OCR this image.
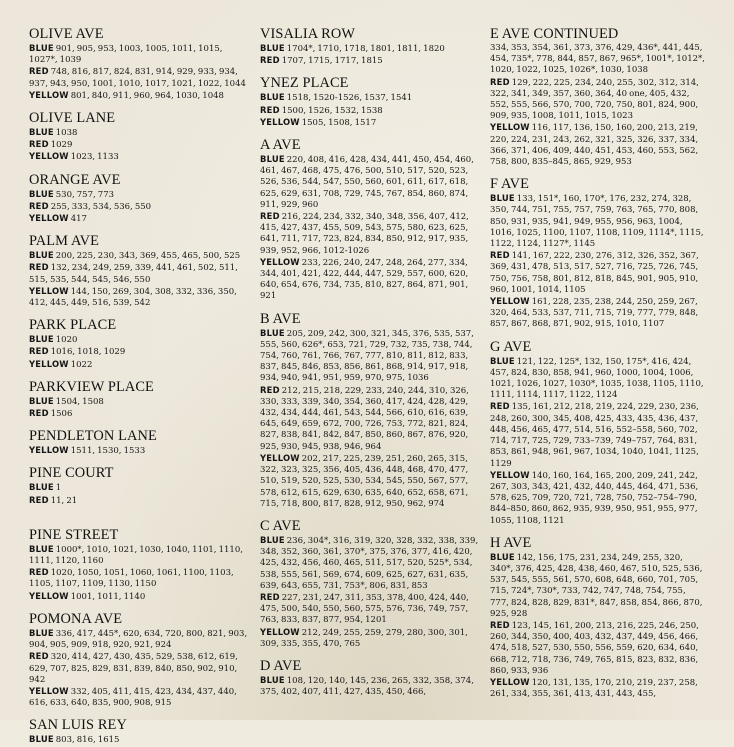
OLIVE AVE
BLUE 901, 905, 953, 1003, 1005, 1011, 1015, 1027*, 1039
RED 748, 816, 817, 824, 831, 914, 929, 933, 934, 937, 943, 950, 1001, 1010, 1017, 1021, 1022, 1044
YELLOW 801, 840, 911, 960, 964, 1030, 1048
OLIVE LANE
BLUE 1038
RED 1029
YELLOW 1023, 1133
ORANGE AVE
BLUE 530, 757, 773
RED 255, 333, 534, 536, 550
YELLOW 417
PALM AVE
BLUE 200, 225, 230, 343, 369, 455, 465, 500, 525
RED 132, 234, 249, 259, 339, 441, 461, 502, 511, 515, 535, 544, 545, 546, 550
YELLOW 144, 150, 269, 304, 308, 332, 336, 350, 412, 445, 449, 516, 539, 542
PARK PLACE
BLUE 1020
RED 1016, 1018, 1029
YELLOW 1022
PARKVIEW PLACE
BLUE 1504, 1508
RED 1506
PENDLETON LANE
YELLOW 1511, 1530, 1533
PINE COURT
BLUE 1
RED 11, 21
PINE STREET
BLUE 1000*, 1010, 1021, 1030, 1040, 1101, 1110, 1111, 1120, 1160
RED 1020, 1050, 1051, 1060, 1061, 1100, 1103, 1105, 1107, 1109, 1130, 1150
YELLOW 1001, 1011, 1140
POMONA AVE
BLUE 336, 417, 445*, 620, 634, 720, 800, 821, 903, 904, 905, 909, 918, 920, 921, 924
RED 320, 414, 427, 430, 435, 529, 538, 612, 619, 629, 707, 825, 829, 831, 839, 840, 850, 902, 910, 942
YELLOW 332, 405, 411, 415, 423, 434, 437, 440, 616, 633, 640, 835, 900, 908, 915
SAN LUIS REY
BLUE 803, 816, 1615
VISALIA ROW
BLUE 1704*, 1710, 1718, 1801, 1811, 1820
RED 1707, 1715, 1717, 1815
YNEZ PLACE
BLUE 1518, 1520-1526, 1537, 1541
RED 1500, 1526, 1532, 1538
YELLOW 1505, 1508, 1517
A AVE
BLUE 220, 408, 416, 428, 434, 441, 450, 454, 460, 461, 467, 468, 475, 476, 500, 510, 517, 520, 523, 526, 536, 544, 547, 550, 560, 601, 611, 617, 618, 625, 629, 631, 708, 729, 745, 767, 854, 860, 874, 911, 929, 960
RED 216, 224, 234, 332, 340, 348, 356, 407, 412, 415, 427, 437, 455, 509, 543, 575, 580, 623, 625, 641, 711, 717, 723, 824, 834, 850, 912, 917, 935, 939, 952, 966, 1012-1026
YELLOW 233, 226, 240, 247, 248, 264, 277, 334, 344, 401, 421, 422, 444, 447, 529, 557, 600, 620, 640, 654, 676, 734, 735, 810, 827, 864, 871, 901, 921
B AVE
BLUE 205, 209, 242, 300, 321, 345, 376, 535, 537, 555, 560, 626*, 653, 721, 729, 732, 735, 738, 744, 754, 760, 761, 766, 767, 777, 810, 811, 812, 833, 837, 845, 846, 853, 856, 861, 868, 914, 917, 918, 934, 940, 941, 951, 959, 970, 975, 1036
RED 212, 215, 218, 229, 233, 240, 244, 310, 326, 330, 333, 339, 340, 354, 360, 417, 424, 428, 429, 432, 434, 444, 461, 543, 544, 566, 610, 616, 639, 645, 649, 659, 672, 700, 726, 753, 772, 821, 824, 827, 838, 841, 842, 847, 850, 860, 867, 876, 920, 925, 930, 945, 938, 946, 964
YELLOW 202, 217, 225, 239, 251, 260, 265, 315, 322, 323, 325, 356, 405, 436, 448, 468, 470, 477, 510, 519, 520, 525, 530, 534, 545, 550, 567, 577, 578, 612, 615, 629, 630, 635, 640, 652, 658, 671, 715, 718, 800, 817, 828, 912, 950, 962, 974
C AVE
BLUE 236, 304*, 316, 319, 320, 328, 332, 338, 339, 348, 352, 360, 361, 370*, 375, 376, 377, 416, 420, 425, 432, 456, 460, 465, 511, 517, 520, 525*, 534, 538, 555, 561, 569, 674, 609, 625, 627, 631, 635, 639, 643, 655, 731, 753*, 806, 831, 853
RED 227, 231, 247, 311, 353, 378, 400, 424, 440, 475, 500, 540, 550, 560, 575, 576, 736, 749, 757, 763, 833, 837, 877, 954, 1201
YELLOW 212, 249, 255, 259, 279, 280, 300, 301, 309, 335, 355, 470, 765
D AVE
BLUE 108, 120, 140, 145, 236, 265, 332, 358, 374, 375, 402, 407, 411, 427, 435, 450, 466,
E AVE CONTINUED
334, 353, 354, 361, 373, 376, 429, 436*, 441, 445, 454, 735*, 778, 844, 857, 867, 965*, 1001*, 1012*, 1020, 1022, 1025, 1026*, 1030, 1038
RED 129, 222, 225, 234, 240, 255, 302, 312, 314, 322, 341, 349, 357, 360, 364, 40 one, 405, 432, 552, 555, 566, 570, 700, 720, 750, 801, 824, 900, 909, 935, 1008, 1011, 1015, 1023
YELLOW 116, 117, 136, 150, 160, 200, 213, 219, 220, 224, 231, 243, 262, 321, 325, 326, 337, 334, 366, 371, 406, 409, 440, 451, 453, 460, 553, 562, 758, 800, 835–845, 865, 929, 953
F AVE
BLUE 133, 151*, 160, 170*, 176, 232, 274, 328, 350, 744, 751, 755, 757, 759, 763, 765, 770, 808, 850, 931, 935, 941, 949, 955, 956, 963, 1004, 1016, 1025, 1100, 1107, 1108, 1109, 1114*, 1115, 1122, 1124, 1127*, 1145
RED 141, 167, 222, 230, 276, 312, 326, 352, 367, 369, 431, 478, 513, 517, 527, 716, 725, 726, 745, 750, 756, 758, 801, 812, 818, 845, 901, 905, 910, 960, 1001, 1014, 1105
YELLOW 161, 228, 235, 238, 244, 250, 259, 267, 320, 464, 533, 537, 711, 715, 719, 777, 779, 848, 857, 867, 868, 871, 902, 915, 1010, 1107
G AVE
BLUE 121, 122, 125*, 132, 150, 175*, 416, 424, 457, 824, 830, 858, 941, 960, 1000, 1004, 1006, 1021, 1026, 1027, 1030*, 1035, 1038, 1105, 1110, 1111, 1114, 1117, 1122, 1124
RED 135, 161, 212, 218, 219, 224, 229, 230, 236, 248, 260, 300, 345, 408, 425, 433, 435, 436, 437, 448, 456, 465, 477, 514, 516, 552–558, 560, 702, 714, 717, 725, 729, 733–739, 749–757, 764, 831, 853, 861, 948, 961, 967, 1034, 1040, 1041, 1125, 1129
YELLOW 140, 160, 164, 165, 200, 209, 241, 242, 267, 303, 343, 421, 432, 440, 445, 464, 471, 536, 578, 625, 709, 720, 721, 728, 750, 752–754–790, 844–850, 860, 862, 935, 939, 950, 951, 955, 977, 1055, 1108, 1121
H AVE
BLUE 142, 156, 175, 231, 234, 249, 255, 320, 340*, 376, 425, 428, 438, 460, 467, 510, 525, 536, 537, 545, 555, 561, 570, 608, 648, 660, 701, 705, 715, 724*, 730*, 733, 742, 747, 748, 754, 755, 777, 824, 828, 829, 831*, 847, 858, 854, 866, 870, 925, 928
RED 123, 145, 161, 200, 213, 216, 225, 246, 250, 260, 344, 350, 400, 403, 432, 437, 449, 456, 466, 474, 518, 527, 530, 550, 556, 559, 620, 634, 640, 668, 712, 718, 736, 749, 765, 815, 823, 832, 836, 860, 933, 936
YELLOW 120, 131, 135, 170, 210, 219, 237, 258, 261, 334, 355, 361, 413, 431, 443, 455,
